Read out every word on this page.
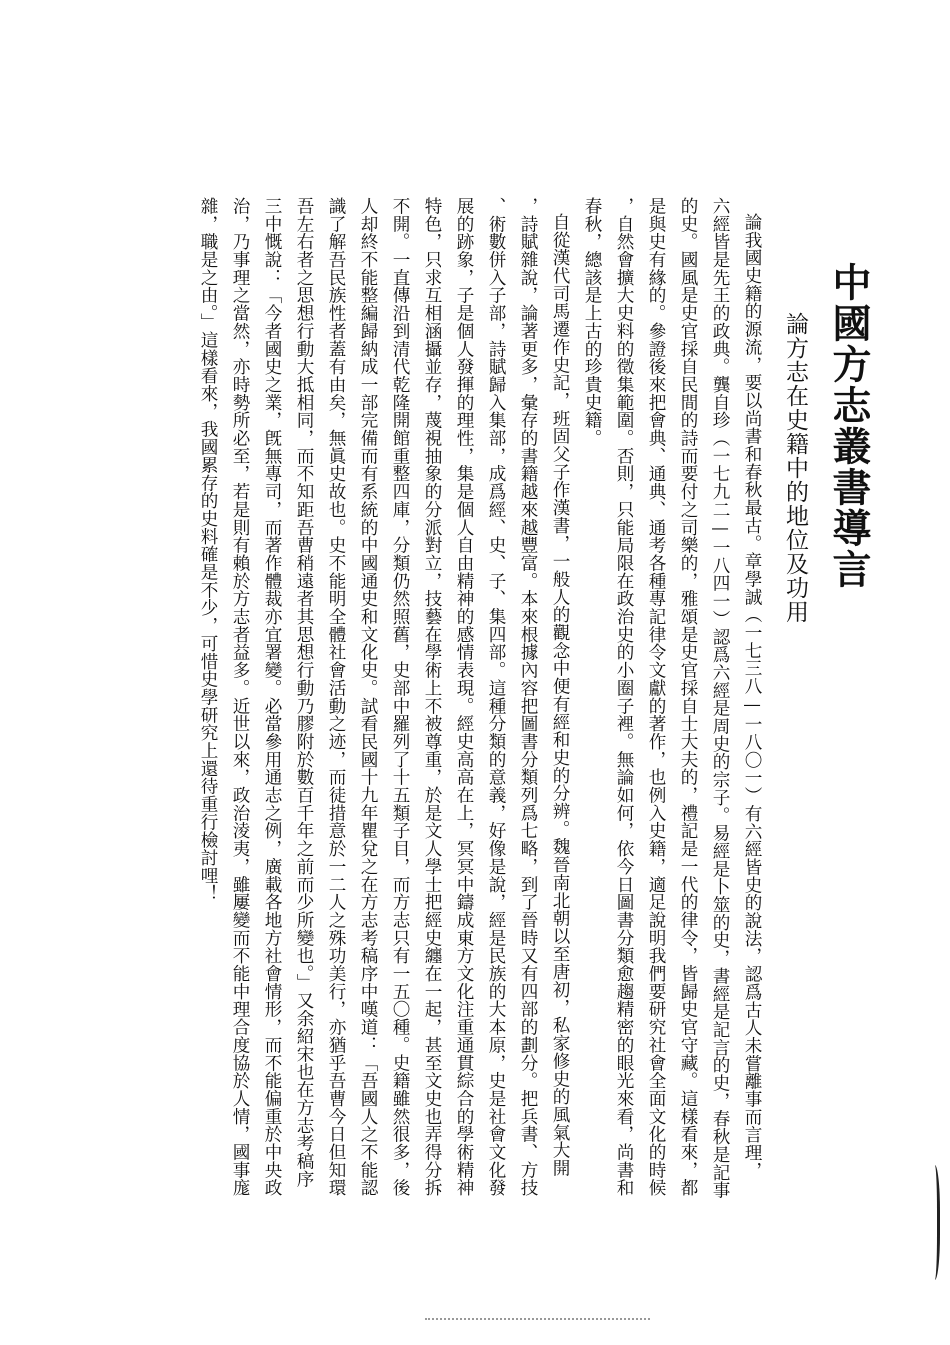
中國方志叢書導言
論方志在史籍中的地位及功用
論我國史籍的源流，要以尚書和春秋最古。章學誠（一七三八—一八〇一）有六經皆史的說法，認爲古人未嘗離事而言理，
六經皆是先王的政典。龔自珍（一七九二—一八四一）認爲六經是周史的宗子。易經是卜筮的史，書經是記言的史，春秋是記事
的史。國風是史官採自民間的詩而要付之司樂的，雅頌是史官採自士大夫的，禮記是一代的律令，皆歸史官守藏。這樣看來，都
是與史有緣的。參證後來把會典、通典、通考各種專記律令文獻的著作，也例入史籍，適足說明我們要研究社會全面文化的時候
，自然會擴大史料的徵集範圍。否則，只能局限在政治史的小圈子裡。無論如何，依今日圖書分類愈趨精密的眼光來看，尚書和
春秋，總該是上古的珍貴史籍。
自從漢代司馬遷作史記，班固父子作漢書，一般人的觀念中便有經和史的分辨。魏晉南北朝以至唐初，私家修史的風氣大開
，詩賦雜說，論著更多，彙存的書籍越來越豐富。本來根據內容把圖書分類列爲七略，到了晉時又有四部的劃分。把兵書、方技
、術數併入子部，詩賦歸入集部，成爲經、史、子、集四部。這種分類的意義，好像是說，經是民族的大本原，史是社會文化發
展的跡象，子是個人發揮的理性，集是個人自由精神的感情表現。經史高高在上，冥冥中鑄成東方文化注重通貫綜合的學術精神
特色，只求互相涵攝並存，蔑視抽象的分派對立，技藝在學術上不被尊重，於是文人學士把經史纏在一起，甚至文史也弄得分拆
不開。一直傳沿到清代乾隆開館重整四庫，分類仍然照舊，史部中羅列了十五類子目，而方志只有一五〇種。史籍雖然很多，後
人却終不能整編歸納成一部完備而有系統的中國通史和文化史。試看民國十九年瞿兌之在方志考稿序中嘆道：「吾國人之不能認
識了解吾民族性者蓋有由矣，無眞史故也。史不能明全體社會活動之迹，而徒措意於一二人之殊功美行，亦猶乎吾曹今日但知環
吾左右者之思想行動大抵相同，而不知距吾曹稍遠者其思想行動乃膠附於數百千年之前而少所變也。」又余紹宋也在方志考稿序
三中慨說：「今者國史之業，旣無專司，而著作體裁亦宜署變。必當參用通志之例，廣載各地方社會情形，而不能偏重於中央政
治，乃事理之當然，亦時勢所必至，若是則有賴於方志者益多。近世以來，政治淩夷，雖屢變而不能中理合度協於人情，國事庬
雜，職是之由。」這樣看來，我國累存的史料確是不少，可惜史學研究上還待重行檢討哩！
